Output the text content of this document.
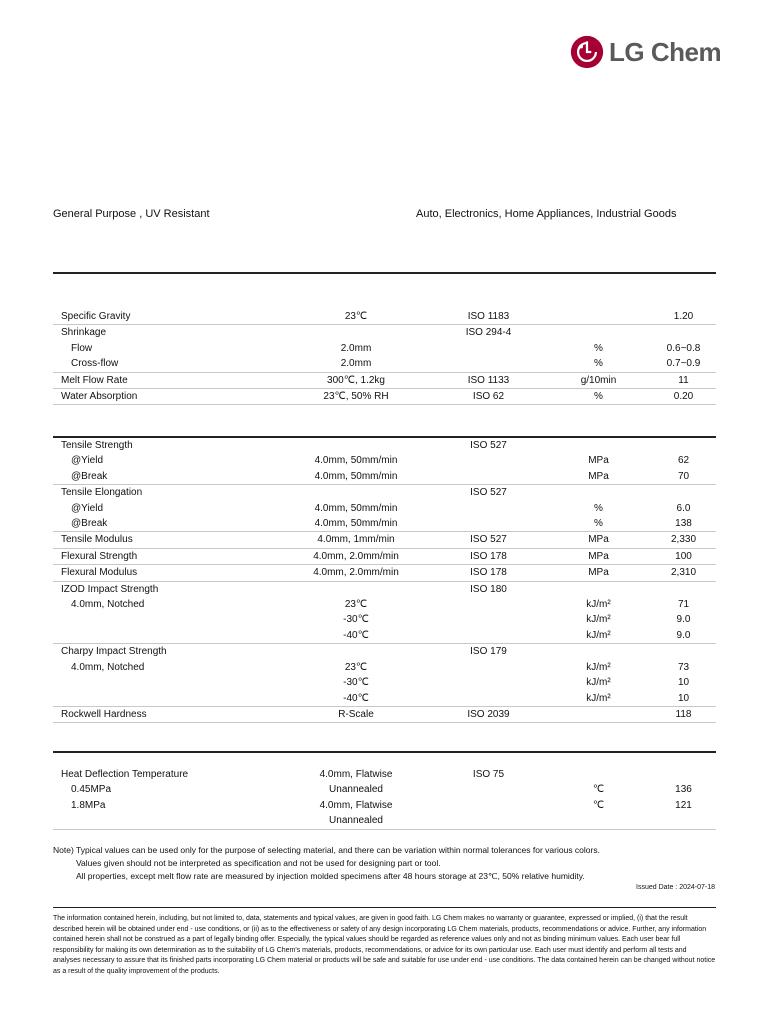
LG Chem
General Purpose , UV Resistant	Auto, Electronics, Home Appliances, Industrial Goods
Specific Gravity	23℃	ISO 1183		1.20
Shrinkage		ISO 294-4		
Flow	2.0mm		%	0.6~0.8
Cross-flow	2.0mm		%	0.7~0.9
Melt Flow Rate	300℃, 1.2kg	ISO 1133	g/10min	11
Water Absorption	23℃, 50% RH	ISO 62	%	0.20
Tensile Strength		ISO 527		
@Yield	4.0mm, 50mm/min		MPa	62
@Break	4.0mm, 50mm/min		MPa	70
Tensile Elongation		ISO 527		
@Yield	4.0mm, 50mm/min		%	6.0
@Break	4.0mm, 50mm/min		%	138
Tensile Modulus	4.0mm, 1mm/min	ISO 527	MPa	2,330
Flexural Strength	4.0mm, 2.0mm/min	ISO 178	MPa	100
Flexural Modulus	4.0mm, 2.0mm/min	ISO 178	MPa	2,310
IZOD Impact Strength		ISO 180		
4.0mm, Notched	23℃		kJ/m²	71
	-30℃		kJ/m²	9.0
	-40℃		kJ/m²	9.0
Charpy Impact Strength		ISO 179		
4.0mm, Notched	23℃		kJ/m²	73
	-30℃		kJ/m²	10
	-40℃		kJ/m²	10
Rockwell Hardness	R-Scale	ISO 2039		118
Heat Deflection Temperature	4.0mm, Flatwise	ISO 75		
0.45MPa	Unannealed		℃	136
1.8MPa	4.0mm, Flatwise		℃	121
	Unannealed			
Note) Typical values can be used only for the purpose of selecting material, and there can be variation within normal tolerances for various colors.
Values given should not be interpreted as specification and not be used for designing part or tool.
All properties, except melt flow rate are measured by injection molded specimens after 48 hours storage at 23℃, 50% relative humidity.
Issued Date : 2024-07-18
The information contained herein, including, but not limited to, data, statements and typical values, are given in good faith. LG Chem makes no warranty or guarantee, expressed or implied, (i) that the result described herein will be obtained under end - use conditions, or (ii) as to the effectiveness or safety of any design incorporating LG Chem materials, products, recommendations or advice. Further, any information contained herein shall not be construed as a part of legally binding offer. Especially, the typical values should be regarded as reference values only and not as binding minimum values. Each user bear full responsibility for making its own determination as to the suitability of LG Chem's materials, products, recommendations, or advice for its own particular use. Each user must identify and perform all tests and analyses necessary to assure that its finished parts incorporating LG Chem material or products will be safe and suitable for use under end - use conditions. The data contained herein can be changed without notice as a result of the quality improvement of the products.
